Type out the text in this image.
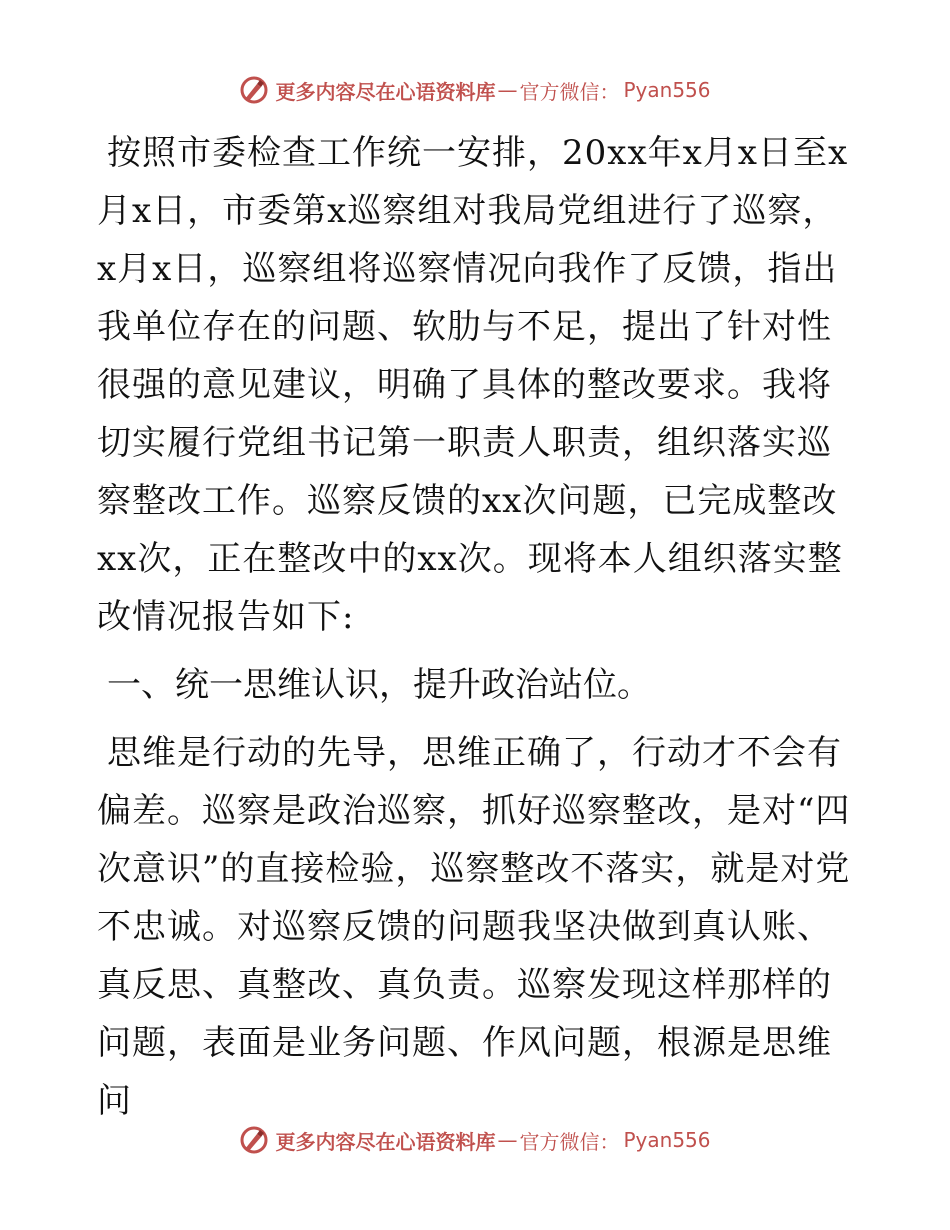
更多内容尽在心语资料库 — 官方微信： Pyan556

按照市委检查工作统一安排，20xx年x月x日至x月x日，市委第x巡察组对我局党组进行了巡察，x月x日，巡察组将巡察情况向我作了反馈，指出我单位存在的问题、软肋与不足，提出了针对性很强的意见建议，明确了具体的整改要求。我将切实履行党组书记第一职责人职责，组织落实巡察整改工作。巡察反馈的xx次问题，已完成整改xx次，正在整改中的xx次。现将本人组织落实整改情况报告如下:

一、统一思维认识，提升政治站位。

思维是行动的先导，思维正确了，行动才不会有偏差。巡察是政治巡察，抓好巡察整改，是对“四次意识”的直接检验，巡察整改不落实，就是对党不忠诚。对巡察反馈的问题我坚决做到真认账、真反思、真整改、真负责。巡察发现这样那样的问题，表面是业务问题、作风问题，根源是思维问

更多内容尽在心语资料库 — 官方微信： Pyan556
